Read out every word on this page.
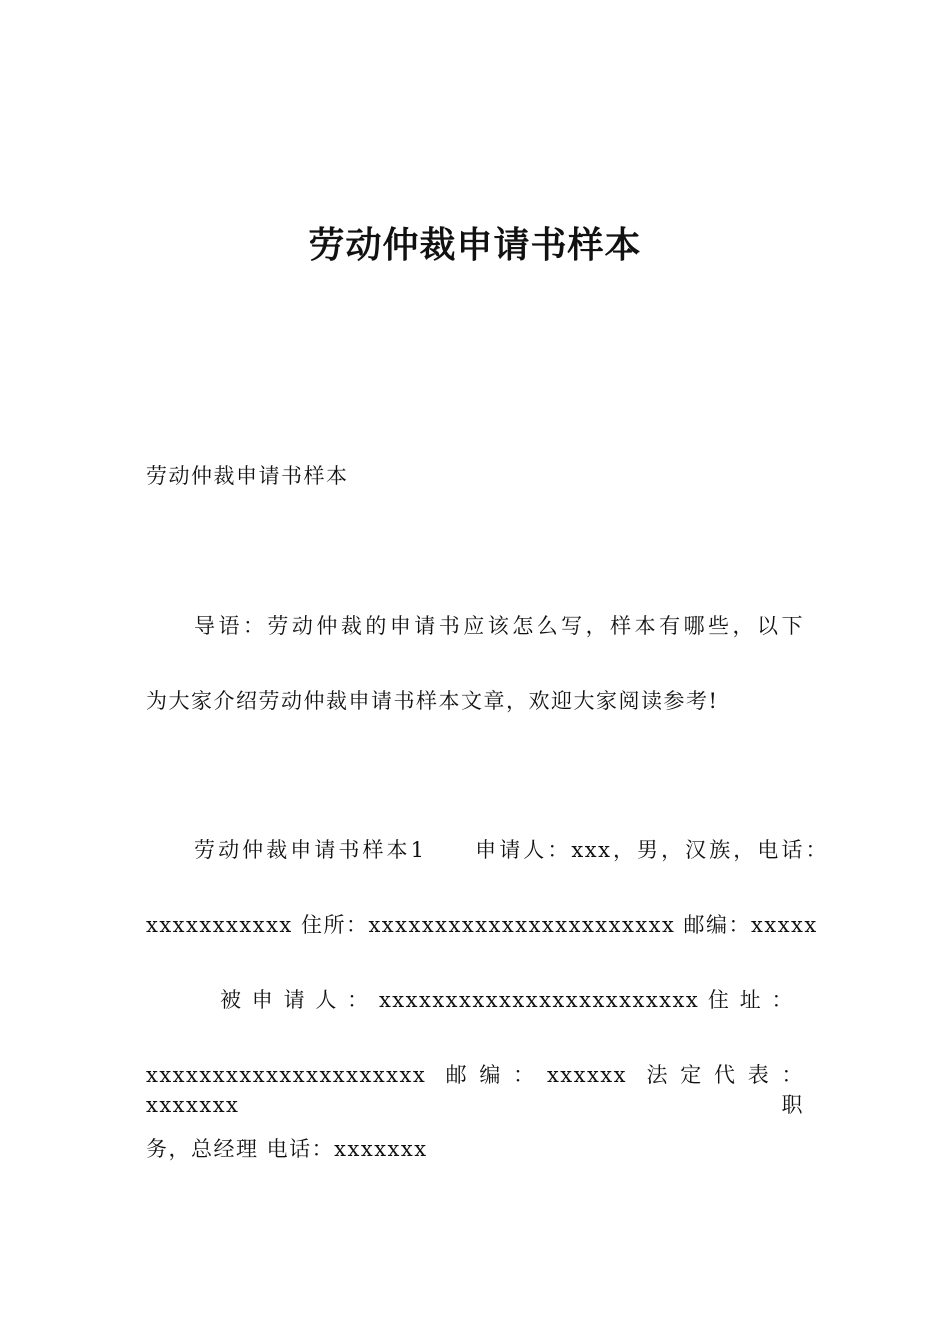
劳动仲裁申请书样本
劳动仲裁申请书样本
导语：劳动仲裁的申请书应该怎么写，样本有哪些，以下
为大家介绍劳动仲裁申请书样本文章，欢迎大家阅读参考!
劳动仲裁申请书样本1　　申请人：xxx，男，汉族，电话：
xxxxxxxxxxx 住所：xxxxxxxxxxxxxxxxxxxxxxx 邮编：xxxxx
被 申 请 人 ： xxxxxxxxxxxxxxxxxxxxxxxx 住 址 ：
xxxxxxxxxxxxxxxxxxxxx 邮编：xxxxxx 法定代表： xxxxxxx 职
务，总经理 电话：xxxxxxx
